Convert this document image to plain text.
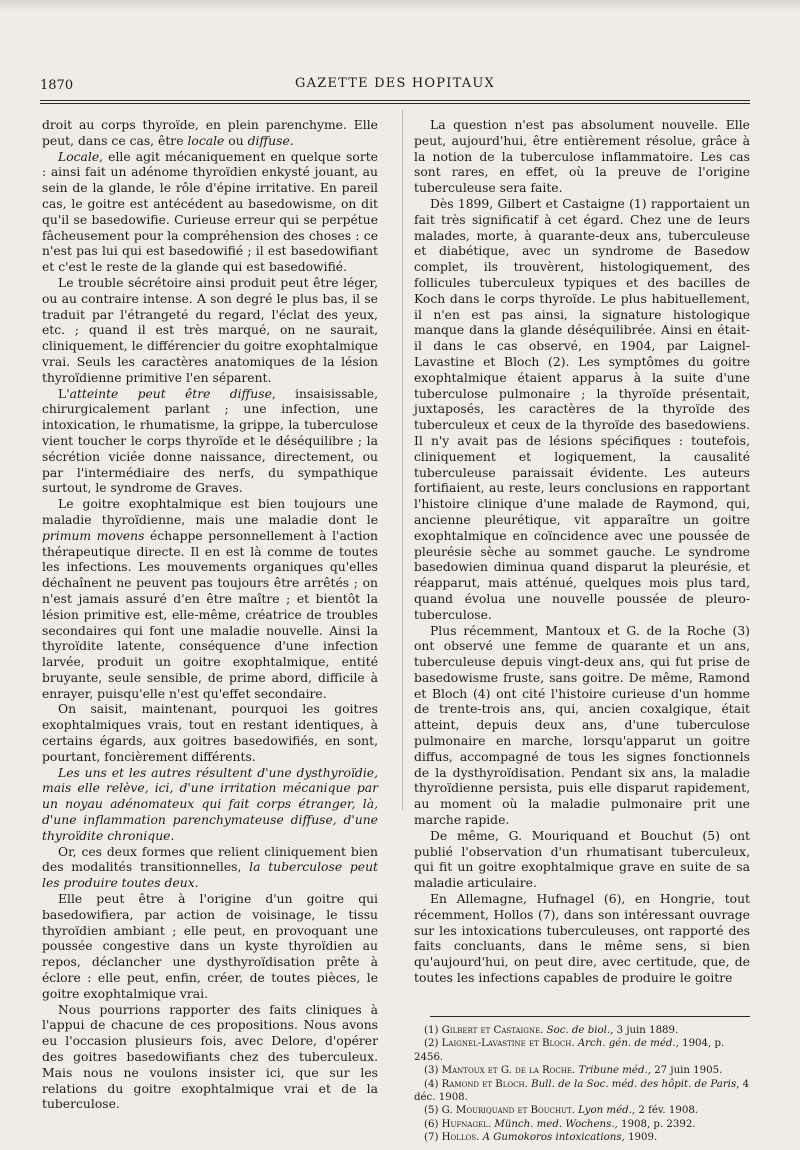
1870	GAZETTE DES HOPITAUX

droit au corps thyroïde, en plein parenchyme. Elle peut, dans ce cas, être locale ou diffuse.

Locale, elle agit mécaniquement en quelque sorte : ainsi fait un adénome thyroïdien enkysté jouant, au sein de la glande, le rôle d'épine irritative. En pareil cas, le goitre est antécédent au basedowisme, on dit qu'il se basedowifie. Curieuse erreur qui se perpétue fâcheusement pour la compréhension des choses : ce n'est pas lui qui est basedowifié ; il est basedowifiant et c'est le reste de la glande qui est basedowifié.

Le trouble sécrétoire ainsi produit peut être léger, ou au contraire intense. A son degré le plus bas, il se traduit par l'étrangeté du regard, l'éclat des yeux, etc. ; quand il est très marqué, on ne saurait, cliniquement, le différencier du goitre exophtalmique vrai. Seuls les caractères anatomiques de la lésion thyroïdienne primitive l'en séparent.

L'atteinte peut être diffuse, insaisissable, chirurgicalement parlant ; une infection, une intoxication, le rhumatisme, la grippe, la tuberculose vient toucher le corps thyroïde et le déséquilibre ; la sécrétion viciée donne naissance, directement, ou par l'intermédiaire des nerfs, du sympathique surtout, le syndrome de Graves.

Le goitre exophtalmique est bien toujours une maladie thyroïdienne, mais une maladie dont le primum movens échappe personnellement à l'action thérapeutique directe. Il en est là comme de toutes les infections. Les mouvements organiques qu'elles déchaînent ne peuvent pas toujours être arrêtés ; on n'est jamais assuré d'en être maître ; et bientôt la lésion primitive est, elle-même, créatrice de troubles secondaires qui font une maladie nouvelle. Ainsi la thyroïdite latente, conséquence d'une infection larvée, produit un goitre exophtalmique, entité bruyante, seule sensible, de prime abord, difficile à enrayer, puisqu'elle n'est qu'effet secondaire.

On saisit, maintenant, pourquoi les goitres exophtalmiques vrais, tout en restant identiques, à certains égards, aux goitres basedowifiés, en sont, pourtant, foncièrement différents.

Les uns et les autres résultent d'une dysthyroïdie, mais elle relève, ici, d'une irritation mécanique par un noyau adénomateux qui fait corps étranger, là, d'une inflammation parenchymateuse diffuse, d'une thyroïdite chronique.

Or, ces deux formes que relient cliniquement bien des modalités transitionnelles, la tuberculose peut les produire toutes deux.

Elle peut être à l'origine d'un goitre qui basedowifiera, par action de voisinage, le tissu thyroïdien ambiant ; elle peut, en provoquant une poussée congestive dans un kyste thyroïdien au repos, déclancher une dysthyroïdisation prête à éclore : elle peut, enfin, créer, de toutes pièces, le goitre exophtalmique vrai.

Nous pourrions rapporter des faits cliniques à l'appui de chacune de ces propositions. Nous avons eu l'occasion plusieurs fois, avec Delore, d'opérer des goitres basedowifiants chez des tuberculeux. Mais nous ne voulons insister ici, que sur les relations du goitre exophtalmique vrai et de la tuberculose.

La question n'est pas absolument nouvelle. Elle peut, aujourd'hui, être entièrement résolue, grâce à la notion de la tuberculose inflammatoire. Les cas sont rares, en effet, où la preuve de l'origine tuberculeuse sera faite.

Dès 1899, Gilbert et Castaigne (1) rapportaient un fait très significatif à cet égard. Chez une de leurs malades, morte, à quarante-deux ans, tuberculeuse et diabétique, avec un syndrome de Basedow complet, ils trouvèrent, histologiquement, des follicules tuberculeux typiques et des bacilles de Koch dans le corps thyroïde. Le plus habituellement, il n'en est pas ainsi, la signature histologique manque dans la glande déséquilibrée. Ainsi en était-il dans le cas observé, en 1904, par Laignel-Lavastine et Bloch (2). Les symptômes du goitre exophtalmique étaient apparus à la suite d'une tuberculose pulmonaire ; la thyroïde présentait, juxtaposés, les caractères de la thyroïde des tuberculeux et ceux de la thyroïde des basedowiens. Il n'y avait pas de lésions spécifiques : toutefois, cliniquement et logiquement, la causalité tuberculeuse paraissait évidente. Les auteurs fortifiaient, au reste, leurs conclusions en rapportant l'histoire clinique d'une malade de Raymond, qui, ancienne pleurétique, vit apparaître un goitre exophtalmique en coïncidence avec une poussée de pleurésie sèche au sommet gauche. Le syndrome basedowien diminua quand disparut la pleurésie, et réapparut, mais atténué, quelques mois plus tard, quand évolua une nouvelle poussée de pleuro-tuberculose.

Plus récemment, Mantoux et G. de la Roche (3) ont observé une femme de quarante et un ans, tuberculeuse depuis vingt-deux ans, qui fut prise de basedowisme fruste, sans goitre. De même, Ramond et Bloch (4) ont cité l'histoire curieuse d'un homme de trente-trois ans, qui, ancien coxalgique, était atteint, depuis deux ans, d'une tuberculose pulmonaire en marche, lorsqu'apparut un goitre diffus, accompagné de tous les signes fonctionnels de la dysthyroïdisation. Pendant six ans, la maladie thyroïdienne persista, puis elle disparut rapidement, au moment où la maladie pulmonaire prit une marche rapide.

De même, G. Mouriquand et Bouchut (5) ont publié l'observation d'un rhumatisant tuberculeux, qui fit un goitre exophtalmique grave en suite de sa maladie articulaire.

En Allemagne, Hufnagel (6), en Hongrie, tout récemment, Hollos (7), dans son intéressant ouvrage sur les intoxications tuberculeuses, ont rapporté des faits concluants, dans le même sens, si bien qu'aujourd'hui, on peut dire, avec certitude, que, de toutes les infections capables de produire le goitre

(1) Gilbert et Castaigne. Soc. de biol., 3 juin 1889.
(2) Laignel-Lavastine et Bloch. Arch. gén. de méd., 1904, p. 2456.
(3) Mantoux et G. de la Roche. Tribune méd., 27 juin 1905.
(4) Ramond et Bloch. Bull. de la Soc. méd. des hôpit. de Paris, 4 déc. 1908.
(5) G. Mouriquand et Bouchut. Lyon méd., 2 fév. 1908.
(6) Hufnagel. Münch. med. Wochens., 1908, p. 2392.
(7) Hollos. A Gumokoros intoxications, 1909.
